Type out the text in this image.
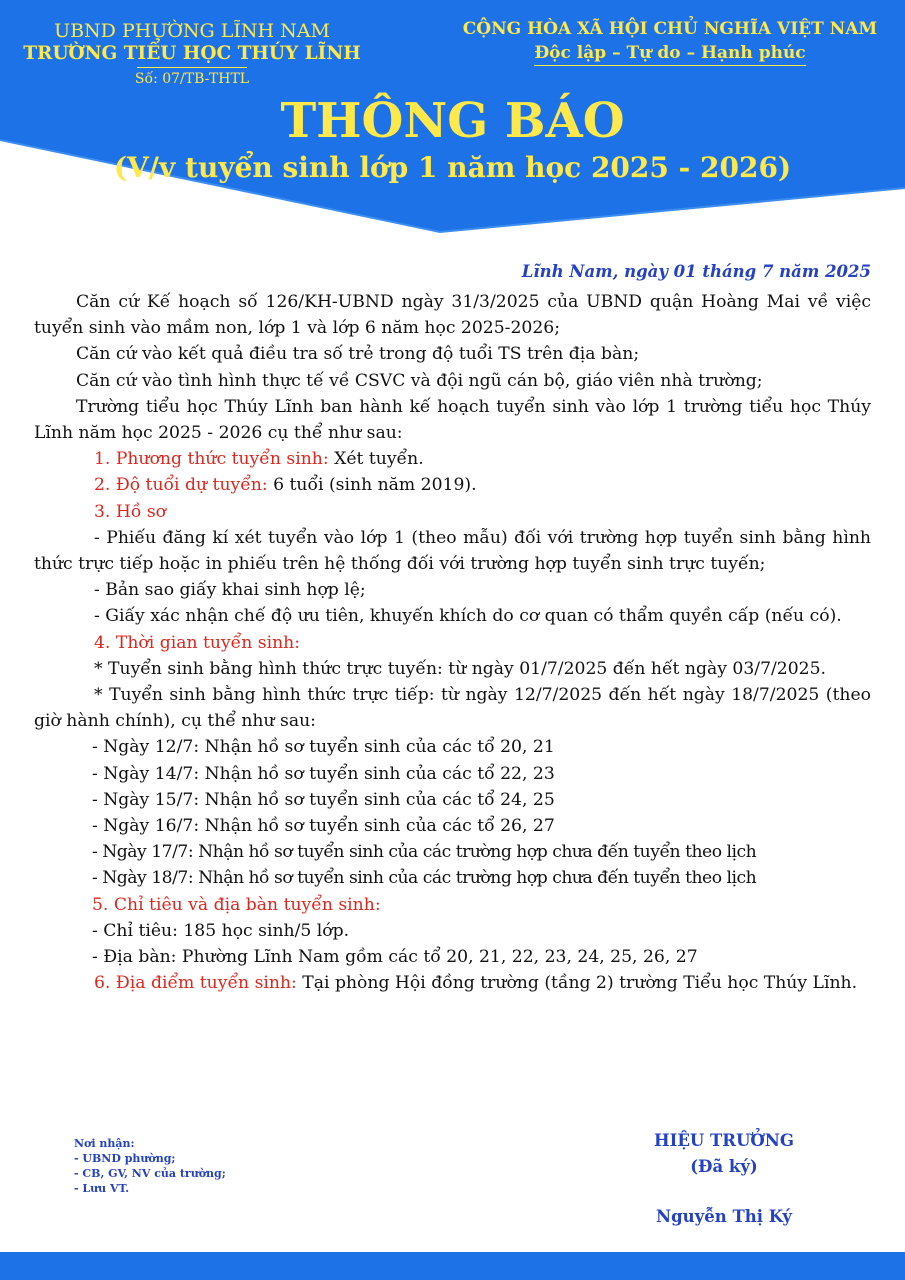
UBND PHƯỜNG LĨNH NAM
TRƯỜNG TIỂU HỌC THÚY LĨNH
Số: 07/TB-THTL
CỘNG HÒA XÃ HỘI CHỦ NGHĨA VIỆT NAM
Độc lập – Tự do – Hạnh phúc
THÔNG BÁO
(V/v tuyển sinh lớp 1 năm học 2025 - 2026)
Lĩnh Nam, ngày 01 tháng 7 năm 2025

Căn cứ Kế hoạch số 126/KH-UBND ngày 31/3/2025 của UBND quận Hoàng Mai về việc tuyển sinh vào mầm non, lớp 1 và lớp 6 năm học 2025-2026;

Căn cứ vào kết quả điều tra số trẻ trong độ tuổi TS trên địa bàn;

Căn cứ vào tình hình thực tế về CSVC và đội ngũ cán bộ, giáo viên nhà trường;

Trường tiểu học Thúy Lĩnh ban hành kế hoạch tuyển sinh vào lớp 1 trường tiểu học Thúy Lĩnh năm học 2025 - 2026 cụ thể như sau:

1. Phương thức tuyển sinh: Xét tuyển.

2. Độ tuổi dự tuyển: 6 tuổi (sinh năm 2019).

3. Hồ sơ

- Phiếu đăng kí xét tuyển vào lớp 1 (theo mẫu) đối với trường hợp tuyển sinh bằng hình thức trực tiếp hoặc in phiếu trên hệ thống đối với trường hợp tuyển sinh trực tuyến;

- Bản sao giấy khai sinh hợp lệ;

- Giấy xác nhận chế độ ưu tiên, khuyến khích do cơ quan có thẩm quyền cấp (nếu có).

4. Thời gian tuyển sinh:

* Tuyển sinh bằng hình thức trực tuyến: từ ngày 01/7/2025 đến hết ngày 03/7/2025.

* Tuyển sinh bằng hình thức trực tiếp: từ ngày 12/7/2025 đến hết ngày 18/7/2025 (theo giờ hành chính), cụ thể như sau:

- Ngày 12/7: Nhận hồ sơ tuyển sinh của các tổ 20, 21

- Ngày 14/7: Nhận hồ sơ tuyển sinh của các tổ 22, 23

- Ngày 15/7: Nhận hồ sơ tuyển sinh của các tổ 24, 25

- Ngày 16/7: Nhận hồ sơ tuyển sinh của các tổ 26, 27

- Ngày 17/7: Nhận hồ sơ tuyển sinh của các trường hợp chưa đến tuyển theo lịch

- Ngày 18/7: Nhận hồ sơ tuyển sinh của các trường hợp chưa đến tuyển theo lịch

5. Chỉ tiêu và địa bàn tuyển sinh:

- Chỉ tiêu: 185 học sinh/5 lớp.

- Địa bàn: Phường Lĩnh Nam gồm các tổ 20, 21, 22, 23, 24, 25, 26, 27

6. Địa điểm tuyển sinh: Tại phòng Hội đồng trường (tầng 2) trường Tiểu học Thúy Lĩnh.

Nơi nhận:
- UBND phường;
- CB, GV, NV của trường;
- Lưu VT.
HIỆU TRƯỞNG
(Đã ký)
Nguyễn Thị Ký
